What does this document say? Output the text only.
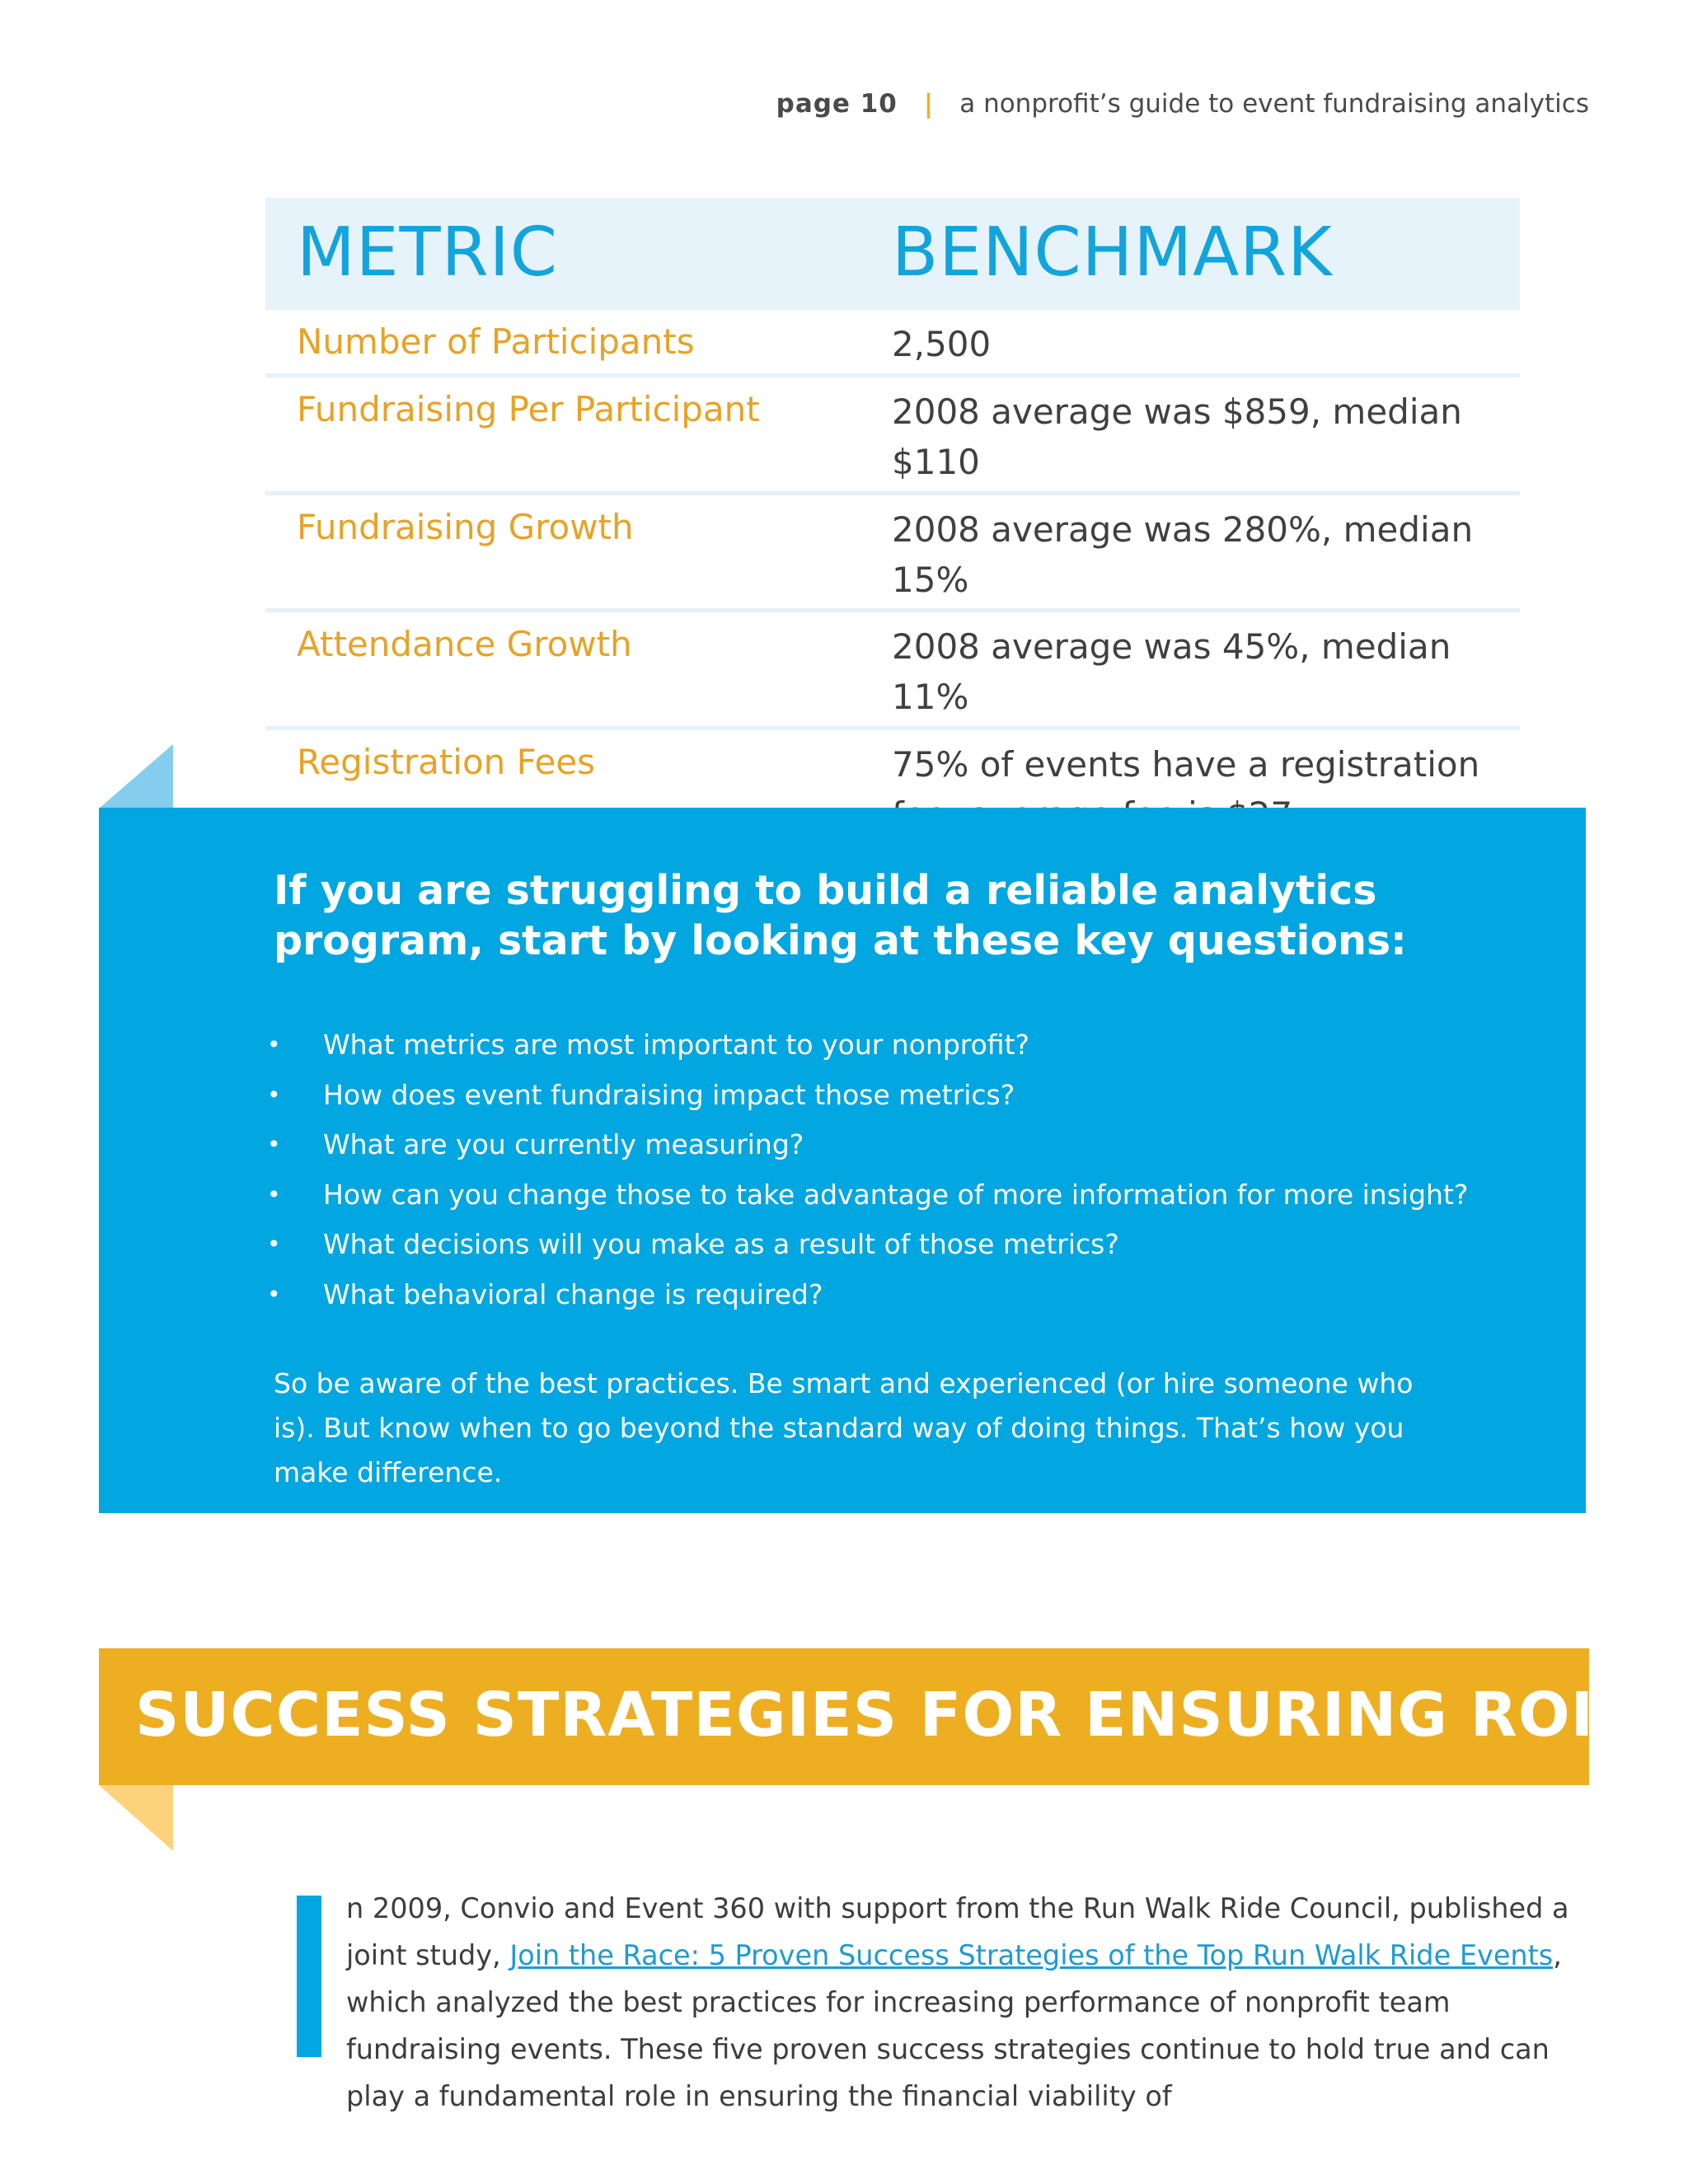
page 10 | a nonprofit’s guide to event fundraising analytics
METRIC	BENCHMARK
Number of Participants	2,500
Fundraising Per Participant	2008 average was $859, median $110
Fundraising Growth	2008 average was 280%, median 15%
Attendance Growth	2008 average was 45%, median 11%
Registration Fees	75% of events have a registration
If you are struggling to build a reliable analytics program, start by looking at these key questions:
• What metrics are most important to your nonprofit?
• How does event fundraising impact those metrics?
• What are you currently measuring?
• How can you change those to take advantage of more information for more insight?
• What decisions will you make as a result of those metrics?
• What behavioral change is required?

So be aware of the best practices. Be smart and experienced (or hire someone who is). But know when to go beyond the standard way of doing things. That’s how you make difference.

SUCCESS STRATEGIES FOR ENSURING ROI

n 2009, Convio and Event 360 with support from the Run Walk Ride Council, published a joint study, Join the Race: 5 Proven Success Strategies of the Top Run Walk Ride Events, which analyzed the best practices for increasing performance of nonprofit team fundraising events. These five proven success strategies continue to hold true and can play a fundamental role in ensuring the financial viability of
